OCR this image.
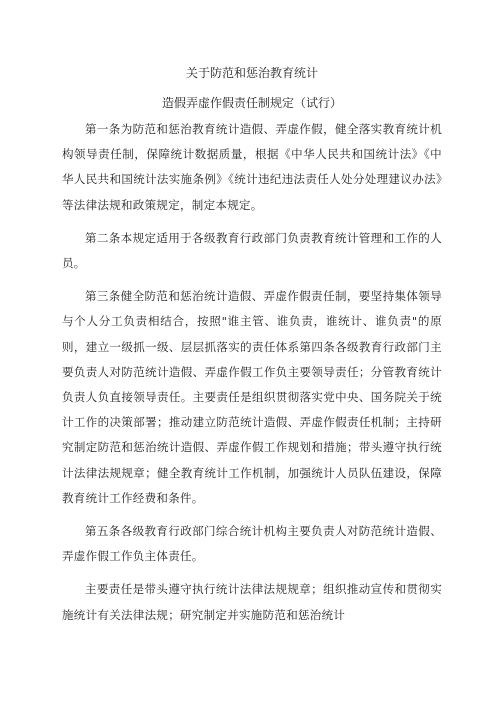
关于防范和惩治教育统计
造假弄虚作假责任制规定（试行）

第一条为防范和惩治教育统计造假、弄虚作假，健全落实教育统计机构领导责任制，保障统计数据质量，根据《中华人民共和国统计法》《中华人民共和国统计法实施条例》《统计违纪违法责任人处分处理建议办法》等法律法规和政策规定，制定本规定。

第二条本规定适用于各级教育行政部门负责教育统计管理和工作的人员。

第三条健全防范和惩治统计造假、弄虚作假责任制，要坚持集体领导与个人分工负责相结合，按照"谁主管、谁负责，谁统计、谁负责"的原则，建立一级抓一级、层层抓落实的责任体系第四条各级教育行政部门主要负责人对防范统计造假、弄虚作假工作负主要领导责任；分管教育统计负责人负直接领导责任。主要责任是组织贯彻落实党中央、国务院关于统计工作的决策部署；推动建立防范统计造假、弄虚作假责任机制；主持研究制定防范和惩治统计造假、弄虚作假工作规划和措施；带头遵守执行统计法律法规规章；健全教育统计工作机制，加强统计人员队伍建设，保障教育统计工作经费和条件。

第五条各级教育行政部门综合统计机构主要负责人对防范统计造假、弄虚作假工作负主体责任。

主要责任是带头遵守执行统计法律法规规章；组织推动宣传和贯彻实施统计有关法律法规；研究制定并实施防范和惩治统计
